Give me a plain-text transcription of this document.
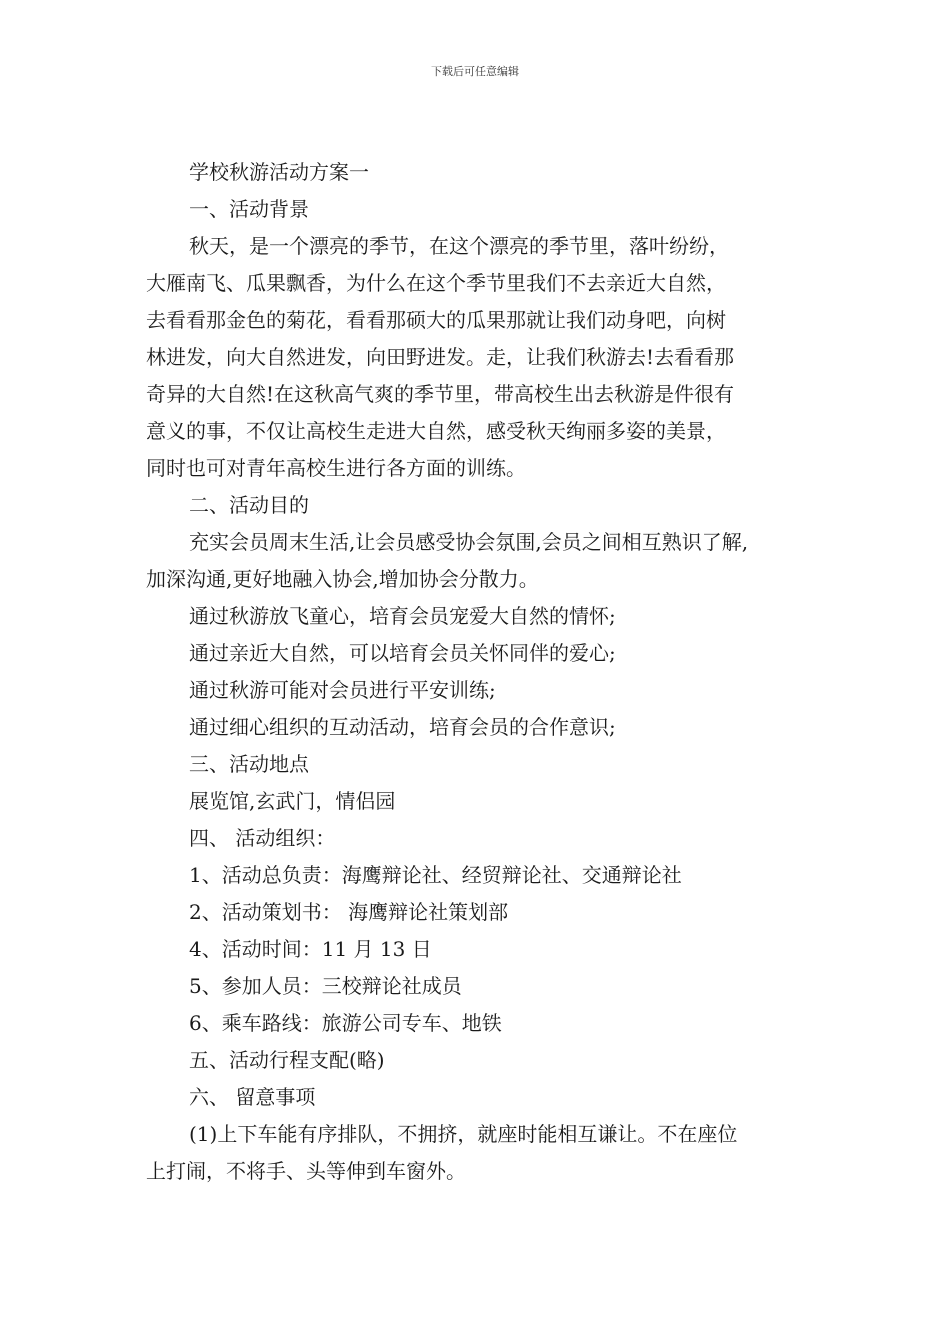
下载后可任意编辑
学校秋游活动方案一
一、活动背景
秋天，是一个漂亮的季节，在这个漂亮的季节里，落叶纷纷，
大雁南飞、瓜果飘香，为什么在这个季节里我们不去亲近大自然，
去看看那金色的菊花，看看那硕大的瓜果那就让我们动身吧，向树
林进发，向大自然进发，向田野进发。走，让我们秋游去!去看看那
奇异的大自然!在这秋高气爽的季节里，带高校生出去秋游是件很有
意义的事，不仅让高校生走进大自然，感受秋天绚丽多姿的美景，
同时也可对青年高校生进行各方面的训练。
二、活动目的
充实会员周末生活,让会员感受协会氛围,会员之间相互熟识了解,
加深沟通,更好地融入协会,增加协会分散力。
通过秋游放飞童心，培育会员宠爱大自然的情怀;
通过亲近大自然，可以培育会员关怀同伴的爱心;
通过秋游可能对会员进行平安训练;
通过细心组织的互动活动，培育会员的合作意识;
三、活动地点
展览馆,玄武门，情侣园
四、 活动组织：
1、活动总负责：海鹰辩论社、经贸辩论社、交通辩论社
2、活动策划书： 海鹰辩论社策划部
4、活动时间：11 月 13 日
5、参加人员：三校辩论社成员
6、乘车路线：旅游公司专车、地铁
五、活动行程支配(略)
六、 留意事项
(1)上下车能有序排队，不拥挤，就座时能相互谦让。不在座位
上打闹，不将手、头等伸到车窗外。
